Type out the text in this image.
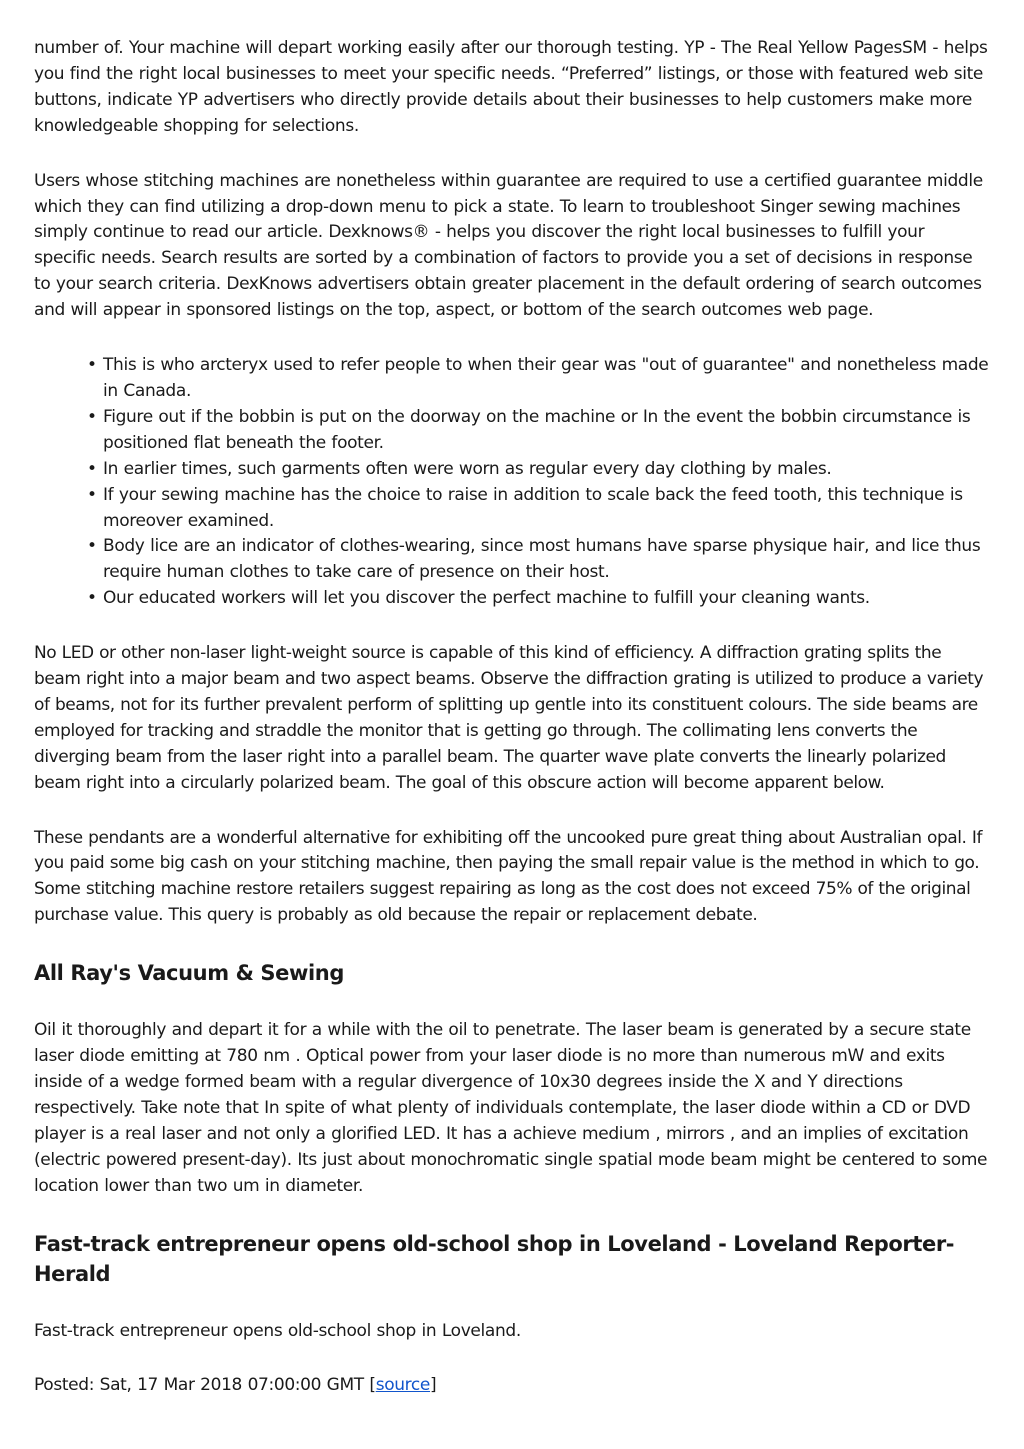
number of. Your machine will depart working easily after our thorough testing. YP - The Real Yellow PagesSM - helps you find the right local businesses to meet your specific needs. “Preferred” listings, or those with featured web site buttons, indicate YP advertisers who directly provide details about their businesses to help customers make more knowledgeable shopping for selections.

Users whose stitching machines are nonetheless within guarantee are required to use a certified guarantee middle which they can find utilizing a drop-down menu to pick a state. To learn to troubleshoot Singer sewing machines simply continue to read our article. Dexknows® - helps you discover the right local businesses to fulfill your specific needs. Search results are sorted by a combination of factors to provide you a set of decisions in response to your search criteria. DexKnows advertisers obtain greater placement in the default ordering of search outcomes and will appear in sponsored listings on the top, aspect, or bottom of the search outcomes web page.

• This is who arcteryx used to refer people to when their gear was "out of guarantee" and nonetheless made in Canada.
• Figure out if the bobbin is put on the doorway on the machine or In the event the bobbin circumstance is positioned flat beneath the footer.
• In earlier times, such garments often were worn as regular every day clothing by males.
• If your sewing machine has the choice to raise in addition to scale back the feed tooth, this technique is moreover examined.
• Body lice are an indicator of clothes-wearing, since most humans have sparse physique hair, and lice thus require human clothes to take care of presence on their host.
• Our educated workers will let you discover the perfect machine to fulfill your cleaning wants.

No LED or other non-laser light-weight source is capable of this kind of efficiency. A diffraction grating splits the beam right into a major beam and two aspect beams. Observe the diffraction grating is utilized to produce a variety of beams, not for its further prevalent perform of splitting up gentle into its constituent colours. The side beams are employed for tracking and straddle the monitor that is getting go through. The collimating lens converts the diverging beam from the laser right into a parallel beam. The quarter wave plate converts the linearly polarized beam right into a circularly polarized beam. The goal of this obscure action will become apparent below.

These pendants are a wonderful alternative for exhibiting off the uncooked pure great thing about Australian opal. If you paid some big cash on your stitching machine, then paying the small repair value is the method in which to go. Some stitching machine restore retailers suggest repairing as long as the cost does not exceed 75% of the original purchase value. This query is probably as old because the repair or replacement debate.

All Ray's Vacuum & Sewing

Oil it thoroughly and depart it for a while with the oil to penetrate. The laser beam is generated by a secure state laser diode emitting at 780 nm . Optical power from your laser diode is no more than numerous mW and exits inside of a wedge formed beam with a regular divergence of 10x30 degrees inside the X and Y directions respectively. Take note that In spite of what plenty of individuals contemplate, the laser diode within a CD or DVD player is a real laser and not only a glorified LED. It has a achieve medium , mirrors , and an implies of excitation (electric powered present-day). Its just about monochromatic single spatial mode beam might be centered to some location lower than two um in diameter.

Fast-track entrepreneur opens old-school shop in Loveland - Loveland Reporter-Herald

Fast-track entrepreneur opens old-school shop in Loveland.

Posted: Sat, 17 Mar 2018 07:00:00 GMT [source]
